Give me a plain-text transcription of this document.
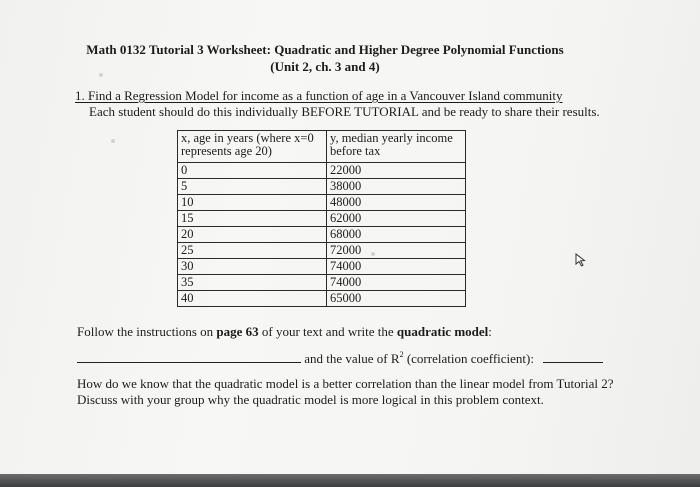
Math 0132 Tutorial 3 Worksheet: Quadratic and Higher Degree Polynomial Functions
(Unit 2, ch. 3 and 4)
1. Find a Regression Model for income as a function of age in a Vancouver Island community
Each student should do this individually BEFORE TUTORIAL and be ready to share their results.
x, age in years (where x=0 represents age 20)	y, median yearly income before tax
0	22000
5	38000
10	48000
15	62000
20	68000
25	72000
30	74000
35	74000
40	65000
Follow the instructions on page 63 of your text and write the quadratic model:
and the value of $R^2$ (correlation coefficient):
How do we know that the quadratic model is a better correlation than the linear model from Tutorial 2?
Discuss with your group why the quadratic model is more logical in this problem context.
